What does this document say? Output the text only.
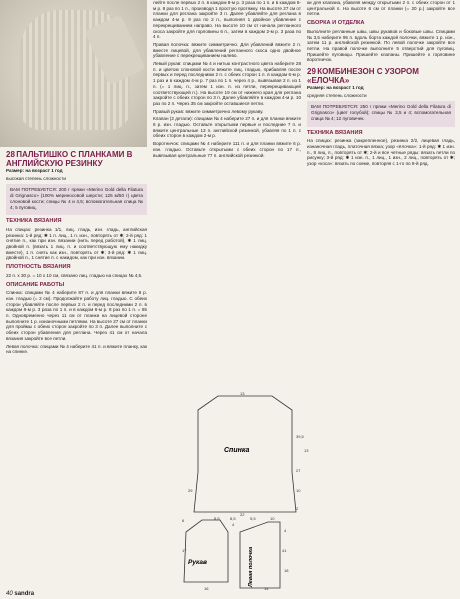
28 ПАЛЬТИШКО С ПЛАНКАМИ В АНГЛИЙСКУЮ РЕЗИНКУ

Размер: на возраст 1 год

высокая степень сложности

ВАМ ПОТРЕБУЕТСЯ: 200 г пряжи «Merino Gold della Filatura di Grignasco» (100% мериносовой шерсти; 125 м/50 г) цвета слоновой кости; спицы № 4 и 4,5; вспомогательная спица № 4; 5 пуговиц.

ТЕХНИКА ВЯЗАНИЯ

На спицах: резинка 1/1, лиц. гладь, изн. гладь, английская резинка: 1-й ряд: ✱ 1 п. лиц., 1 п. изн., повторять от ✱; 2-й ряд: 1 снятие п., как при изн. вязании (нить перед работой), ✱ 1 лиц. двойной п. (вязать 1 лиц. п. и соответствующую ему накидку вместе), 1 п. снять как изн., повторять от ✱; 3-й ряд: ✱ 1 лиц. двойной п., 1 снятие п. с накидом, как при изн. вязании.

ПЛОТНОСТЬ ВЯЗАНИЯ

22 п. х 30 р. = 10 х 10 см, связано лиц. гладью на спицах № 4,5.

ОПИСАНИЕ РАБОТЫ

Спинка: спицами № 4 наберите 87 п. и для планки вяжите 6 р. изн. гладью (= 2 см). Продолжайте работу лиц. гладью. С обеих сторон убавляйте после первых 2 п. и перед последними 2 п. в каждом 8-м р. 3 раза по 1 п. и в каждом 6-м р. 8 раз по 1 п. = 65 п. Одновременно через 11 см от планки на лицевой стороне выполните 1 р. изнаночными петлями. На высоте 27 см от планки для проймы с обеих сторон закройте по 3 п. Далее выполните с обеих сторон убавления для реглана. Через 41 см от начала вязания закройте все петли.

Левая полочка: спицами № 4 наберите 41 п. и вяжите планку, как на спинке.

лейте после первых 2 п. в каждом 8-м р. 3 раза по 1 п. и в каждом 6-м р. 8 раз по 1 п., производя 1 простую протяжку. На высоте 27 см от планки для реглана закройте 3 п. Далее убавляйте для реглана в каждом 4-м р. 9 раз по 2 п., выполняя 1 двойное убавление с перекрещиванием направо. На высоте 10 см от начала регланного скоса закройте для горловины 6 п., затем в каждом 2-м р. 3 раза по 4 п.

Правая полочка: вяжите симметрично. Для убавлений вяжите 2 п. вместе лицевой, для убавлений регланного скоса одно двойное убавление с перекрещиванием налево.

Левый рукав: спицами № 4 и нитью контрастного цвета наберите 28 п. и цветом слоновой кости вяжите лиц. гладью, прибавляя после первых и перед последними 2 п. с обеих сторон 1 п. в каждом 6-м р. 1 раз и в каждом 4-м р. 7 раз по 1 п. через 4 р., вывязывая 2 п. из 1 п. (= 1 лиц. п., затем 1 изн. п. из петли, перекрещивающей соответствующей п.). На высоте 19 см от нижнего края для реглана закройте с обеих сторон по 3 п. Далее убавляйте в каждом 4-м р. 10 раз по 2 п. Через 35 см закройте оставшиеся петли.

Правый рукав: вяжите симметрично левому рукаву.

Клапан (2 детали): спицами № 4 наберите 27 п. и для планки вяжите 6 р. изн. гладью. Оставьте открытыми первые и последние 7 п. и вяжите центральные 13 п. английской резинкой, убавляя по 1 п. с обеих сторон в каждом 2-м р.

Воротничок: спицами № 4 наберите 111 п. и для планки вяжите 6 р. изн. гладью. Оставьте открытыми с обеих сторон по 17 п., вывязывая центральные 77 п. английской резинкой.

ки для клапана, убавляя между открытыми 2 п. с обеих сторон от 1 центральной п. На высоте 6 см от планки (= 20 р.) закройте все петли.

СБОРКА И ОТДЕЛКА

Выполните регланные швы, швы рукавов и боковые швы. Спицами № 3,5 наберите 95 п. вдоль борта каждой полочки, вяжите 1 р. изн., затем 11 р. английской резинкой. По левой полочке закройте все петли. На правой полочке выполните 5 отверстий для пуговиц. Пришейте пуговицы. Пришейте клапаны. Пришейте к горловине воротничок.

29 КОМБИНЕЗОН С УЗОРОМ «ЕЛОЧКА»

Размер: на возраст 1 год

средняя степень сложности

ВАМ ПОТРЕБУЕТСЯ: 250 г пряжи «Merino Gold della Filatura di Grignasco» (цвет голубой); спицы № 3,5 и 4; вспомогательная спица № 4; 12 пуговичек.

ТЕХНИКА ВЯЗАНИЯ

На спицах: резинка (закрепленное), резинка 2/2, лицевая гладь, изнаночная гладь, платочная вязка; узор «ёлочка»: 1-й ряд: ✱ 1 изн. п., 8 лиц. п., повторять от ✱; 2-й и все четные ряды: вязать петли по рисунку; 3-й ряд: ✱ 1 изн. п., 1 лиц., 1 изн., 2 лиц., повторять от ✱; узор «коса»: вязать по схеме, повторяя с 1-го по 8-й ряд.

Спинка
Рукав	Левая полочка
13
39,5
10
27
2
8,5	8,5	5,5
16	14
22
17	41
29
6
4
10
4
18
13
40 sandra
